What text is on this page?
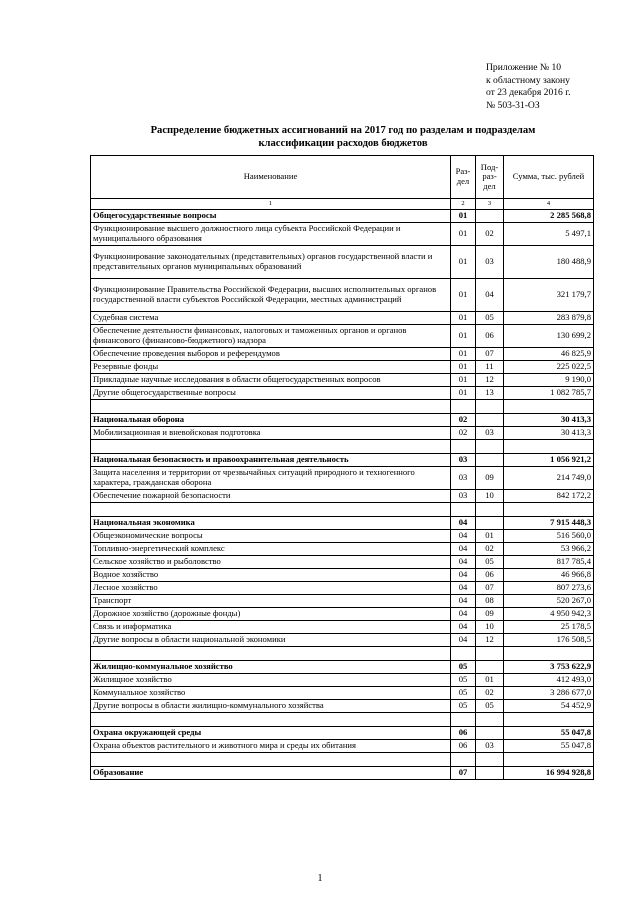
Приложение № 10
к областному закону
от 23 декабря 2016 г.
№ 503-31-ОЗ
Распределение бюджетных ассигнований на 2017 год по разделам и подразделам
классификации расходов бюджетов
Наименование	Раз-дел	Под-раз-дел	Сумма, тыс. рублей
1	2	3	4
Общегосударственные вопросы	01		2 285 568,8
Функционирование высшего должностного лица субъекта Российской Федерации и муниципального образования	01	02	5 497,1
Функционирование законодательных (представительных) органов государственной власти и представительных органов муниципальных образований	01	03	180 488,9
Функционирование Правительства Российской Федерации, высших исполнительных органов государственной власти субъектов Российской Федерации, местных администраций	01	04	321 179,7
Судебная система	01	05	283 879,8
Обеспечение деятельности финансовых, налоговых и таможенных органов и органов финансового (финансово-бюджетного) надзора	01	06	130 699,2
Обеспечение проведения выборов и референдумов	01	07	46 825,9
Резервные фонды	01	11	225 022,5
Прикладные научные исследования в области общегосударственных вопросов	01	12	9 190,0
Другие общегосударственные вопросы	01	13	1 082 785,7

Национальная оборона	02		30 413,3
Мобилизационная и вневойсковая подготовка	02	03	30 413,3

Национальная безопасность и правоохранительная деятельность	03		1 056 921,2
Защита населения и территории от чрезвычайных ситуаций природного и техногенного характера, гражданская оборона	03	09	214 749,0
Обеспечение пожарной безопасности	03	10	842 172,2

Национальная экономика	04		7 915 448,3
Общеэкономические вопросы	04	01	516 560,0
Топливно-энергетический комплекс	04	02	53 966,2
Сельское хозяйство и рыболовство	04	05	817 785,4
Водное хозяйство	04	06	46 966,8
Лесное хозяйство	04	07	807 273,6
Транспорт	04	08	520 267,0
Дорожное хозяйство (дорожные фонды)	04	09	4 950 942,3
Связь и информатика	04	10	25 178,5
Другие вопросы в области национальной экономики	04	12	176 508,5

Жилищно-коммунальное хозяйство	05		3 753 622,9
Жилищное хозяйство	05	01	412 493,0
Коммунальное хозяйство	05	02	3 286 677,0
Другие вопросы в области жилищно-коммунального хозяйства	05	05	54 452,9

Охрана окружающей среды	06		55 047,8
Охрана объектов растительного и животного мира и среды их обитания	06	03	55 047,8

Образование	07		16 994 928,8
1
